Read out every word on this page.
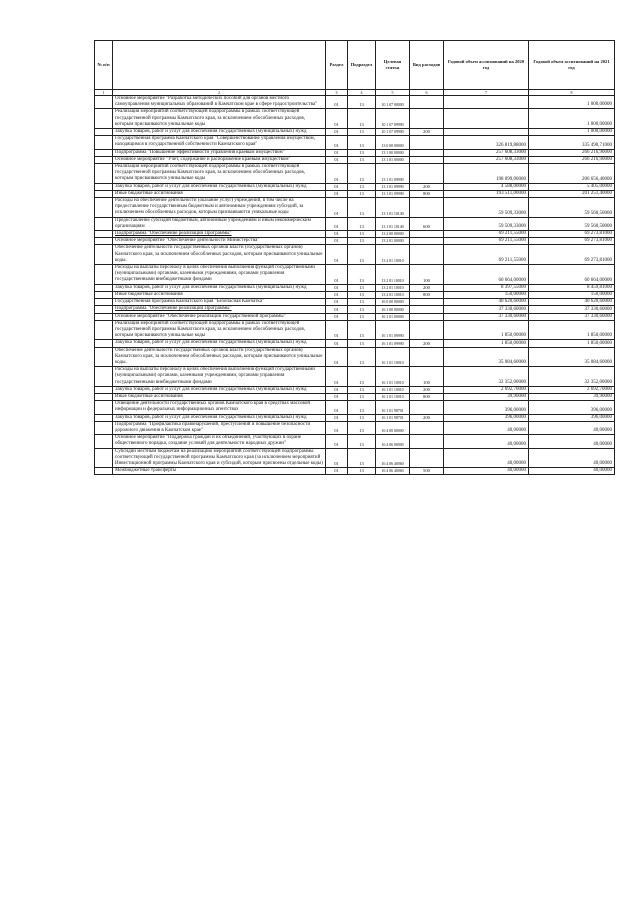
№ п/п		Раздел	Подраздел	Целевая статья	Вид расходов	Годовой объем ассигнований на 2020 год	Годовой объем ассигнований на 2021 год
1	2	3	4	5	6	7	8
	Основное мероприятие "Разработка методических пособий для органов местного самоуправления муниципальных образований в Камчатском крае в сфере градостроительства"	01	13	10 1 07 00000			1 000,00000
	Реализация мероприятий соответствующей подпрограммы в рамках соответствующей государственной программы Камчатского края, за исключением обособленных расходов, которым присваиваются уникальные коды	01	13	10 1 07 09990			1 000,00000
	Закупка товаров, работ и услуг для обеспечения государственных (муниципальных) нужд	01	13	10 1 07 09990	200		1 000,00000
	Государственная программа Камчатского края "Совершенствование управления имуществом, находящимся в государственной собственности Камчатского края"	01	13	13 0 00 00000		326 819,88000	335 490,71000
	Подпрограмма "Повышение эффективности управления краевым имуществом"	01	13	13 1 00 00000		257 608,33000	266 216,90000
	Основное мероприятие "Учет, содержание и распоряжение краевым имуществом"	01	13	13 1 01 00000		257 608,33000	266 216,90000
	Реализация мероприятий соответствующей подпрограммы в рамках соответствующей государственной программы Камчатского края, за исключением обособленных расходов, которым присваиваются уникальные коды	01	13	13 1 01 09990		198 099,00000	206 656,40000
	Закупка товаров, работ и услуг для обеспечения государственных (муниципальных) нужд	01	13	13 1 01 09990	200	4 588,00000	5 405,00000
	Иные бюджетные ассигнования	01	13	13 1 01 09990	800	193 511,00000	201 251,40000
	Расходы на обеспечение деятельности (оказание услуг) учреждений, в том числе на предоставление государственным бюджетным и автономным учреждениям субсидий, за исключением обособленных расходов, которым присваиваются уникальные коды	01	13	13 1 01 10140		59 509,33000	59 560,50000
	Предоставление субсидий бюджетным, автономным учреждениям и иным некоммерческим организациям	01	13	13 1 01 10140	600	59 509,33000	59 560,50000
	Подпрограмма "Обеспечение реализации Программы"	01	13	13 2 00 00000		69 211,55000	69 273,81000
	Основное мероприятие "Обеспечение деятельности Министерства"	01	13	13 2 01 00000		69 211,55000	69 273,81000
	Обеспечение деятельности государственных органов власти (государственных органов) Камчатского края, за исключением обособленных расходов, которым присваиваются уникальные коды.	01	13	13 2 01 10010		69 211,55000	69 273,81000
	Расходы на выплаты персоналу в целях обеспечения выполнения функций государственными (муниципальными) органами, казенными учреждениями, органами управления государственными внебюджетными фондами	01	13	13 2 01 10010	100	60 664,00000	60 664,00000
	Закупка товаров, работ и услуг для обеспечения государственных (муниципальных) нужд	01	13	13 2 01 10010	200	8 397,55000	8 459,81000
	Иные бюджетные ассигнования	01	13	13 2 01 10010	800	150,00000	150,00000
	Государственная программа Камчатского края "Безопасная Камчатка"	01	13	16 0 00 00000		40 620,60000	40 620,60000
	Подпрограмма "Обеспечение реализации Программы"	01	13	16 1 00 00000		37 330,60000	37 330,60000
	Основное мероприятие "Обеспечение реализации государственной программы"	01	13	16 1 01 00000		37 330,60000	37 330,60000
	Реализация мероприятий соответствующей подпрограммы в рамках соответствующей государственной программы Камчатского края, за исключением обособленных расходов, которым присваиваются уникальные коды	01	13	16 1 01 09990		1 850,00000	1 850,00000
	Закупка товаров, работ и услуг для обеспечения государственных (муниципальных) нужд	01	13	16 1 01 09990	200	1 850,00000	1 850,00000
	Обеспечение деятельности государственных органов власти (государственных органов) Камчатского края, за исключением обособленных расходов, которым присваиваются уникальные коды.	01	13	16 1 01 10010		35 084,60000	35 084,60000
	Расходы на выплаты персоналу в целях обеспечения выполнения функций государственными (муниципальными) органами, казенными учреждениями, органами управления государственными внебюджетными фондами	01	13	16 1 01 10010	100	32 352,00000	32 352,00000
	Закупка товаров, работ и услуг для обеспечения государственных (муниципальных) нужд	01	13	16 1 01 10010	200	2 692,70000	2 692,70000
	Иные бюджетные ассигнования	01	13	16 1 01 10010	800	39,90000	39,90000
	Освещение деятельности государственных органов Камчатского края в средствах массовой информации и федеральных информационных агентствах	01	13	16 1 01 98701		396,00000	396,00000
	Закупка товаров, работ и услуг для обеспечения государственных (муниципальных) нужд	01	13	16 1 01 98701	200	396,00000	396,00000
	Подпрограмма "Профилактика правонарушений, преступлений и повышение безопасности дорожного движения в Камчатском крае"	01	13	16 4 00 00000		40,00000	40,00000
	Основное мероприятие "Поддержка граждан и их объединений, участвующих в охране общественного порядка, создание условий для деятельности народных дружин"	01	13	16 4 06 00000		40,00000	40,00000
	Субсидии местным бюджетам на реализацию мероприятий соответствующей подпрограммы соответствующей государственной программы Камчатского края (за исключением мероприятий Инвестиционной программы Камчатского края и субсидий, которым присвоены отдельные коды)	01	13	16 4 06 40060		40,00000	40,00000
	Межбюджетные трансферты	01	13	16 4 06 40060	500	40,00000	40,00000
